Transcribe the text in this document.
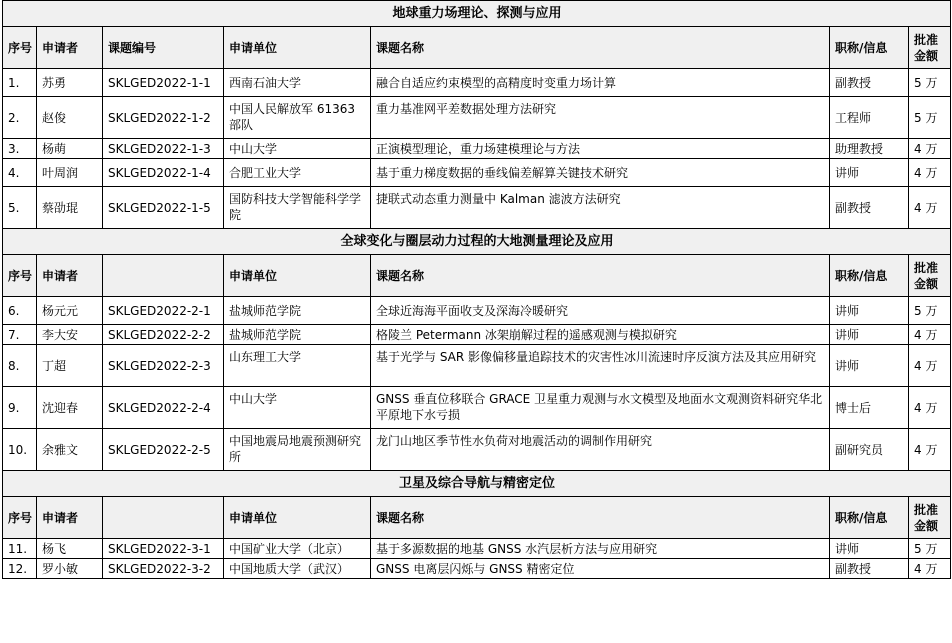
地球重力场理论、探测与应用						
序号	申请者	课题编号	申请单位	课题名称	职称/信息	批准金额
1.	苏勇	SKLGED2022-1-1	西南石油大学	融合自适应约束模型的高精度时变重力场计算	副教授	5 万
2.	赵俊	SKLGED2022-1-2	中国人民解放军 61363 部队	重力基准网平差数据处理方法研究	工程师	5 万
3.	杨萌	SKLGED2022-1-3	中山大学	正演模型理论，重力场建模理论与方法	助理教授	4 万
4.	叶周润	SKLGED2022-1-4	合肥工业大学	基于重力梯度数据的垂线偏差解算关键技术研究	讲师	4 万
5.	蔡劭琨	SKLGED2022-1-5	国防科技大学智能科学学院	捷联式动态重力测量中 Kalman 滤波方法研究	副教授	4 万
全球变化与圈层动力过程的大地测量理论及应用						
序号	申请者		申请单位	课题名称	职称/信息	批准金额
6.	杨元元	SKLGED2022-2-1	盐城师范学院	全球近海海平面收支及深海冷暖研究	讲师	5 万
7.	李大安	SKLGED2022-2-2	盐城师范学院	格陵兰 Petermann 冰架崩解过程的遥感观测与模拟研究	讲师	4 万
8.	丁超	SKLGED2022-2-3	山东理工大学	基于光学与 SAR 影像偏移量追踪技术的灾害性冰川流速时序反演方法及其应用研究	讲师	4 万
9.	沈迎春	SKLGED2022-2-4	中山大学	GNSS 垂直位移联合 GRACE 卫星重力观测与水文模型及地面水文观测资料研究华北平原地下水亏损	博士后	4 万
10.	余雅文	SKLGED2022-2-5	中国地震局地震预测研究所	龙门山地区季节性水负荷对地震活动的调制作用研究	副研究员	4 万
卫星及综合导航与精密定位						
序号	申请者		申请单位	课题名称	职称/信息	批准金额
11.	杨飞	SKLGED2022-3-1	中国矿业大学（北京）	基于多源数据的地基 GNSS 水汽层析方法与应用研究	讲师	5 万
12.	罗小敏	SKLGED2022-3-2	中国地质大学（武汉）	GNSS 电离层闪烁与 GNSS 精密定位	副教授	4 万
